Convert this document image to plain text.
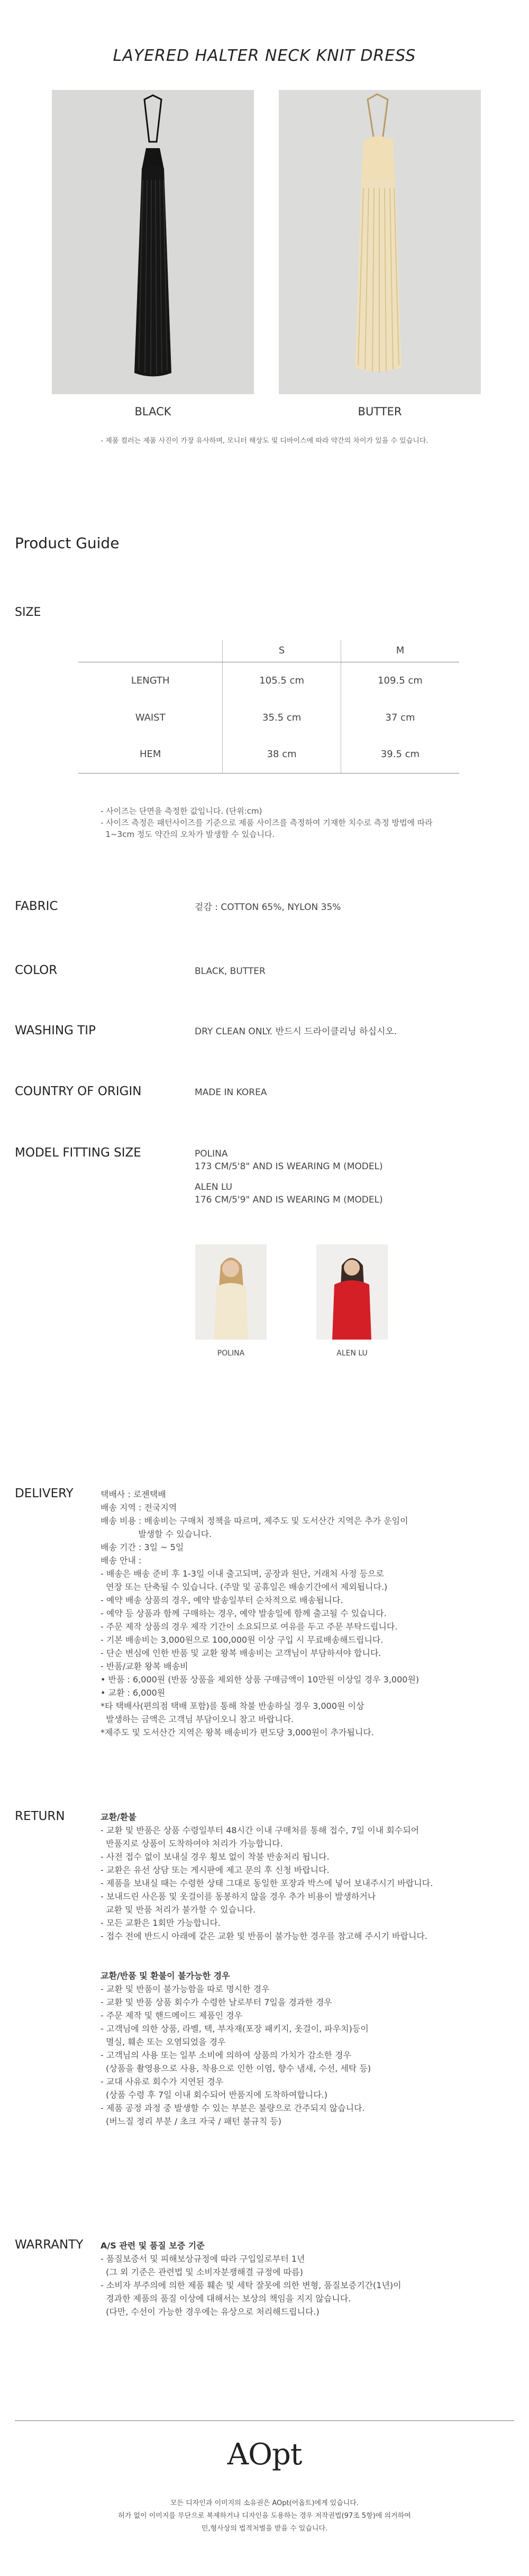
LAYERED HALTER NECK KNIT DRESS
BLACK	BUTTER
- 제품 컬러는 제품 사진이 가장 유사하며, 모니터 해상도 및 디바이스에 따라 약간의 차이가 있을 수 있습니다.
Product Guide
SIZE
	S	M
LENGTH	105.5 cm	109.5 cm
WAIST	35.5 cm	37 cm
HEM	38 cm	39.5 cm
- 사이즈는 단면을 측정한 값입니다. (단위:cm)
- 사이즈 측정은 패턴사이즈를 기준으로 제품 사이즈를 측정하여 기재한 치수로 측정 방법에 따라
1~3cm 정도 약간의 오차가 발생할 수 있습니다.
FABRIC	겉감 : COTTON 65%, NYLON 35%
COLOR	BLACK, BUTTER
WASHING TIP	DRY CLEAN ONLY. 반드시 드라이클리닝 하십시오.
COUNTRY OF ORIGIN	MADE IN KOREA
MODEL FITTING SIZE	POLINA
173 CM/5'8" AND IS WEARING M (MODEL)
ALEN LU
176 CM/5'9" AND IS WEARING M (MODEL)
POLINA	ALEN LU
DELIVERY	택배사 : 로젠택배
배송 지역 : 전국지역
배송 비용 : 배송비는 구매처 정책을 따르며, 제주도 및 도서산간 지역은 추가 운임이
발생할 수 있습니다.
배송 기간 : 3일 ~ 5일
배송 안내 :
- 배송은 배송 준비 후 1-3일 이내 출고되며, 공장과 원단, 거래처 사정 등으로
연장 또는 단축될 수 있습니다. (주말 및 공휴일은 배송기간에서 제외됩니다.)
- 예약 배송 상품의 경우, 예약 발송일부터 순차적으로 배송됩니다.
- 예약 등 상품과 함께 구매하는 경우, 예약 발송일에 함께 출고될 수 있습니다.
- 주문 제작 상품의 경우 제작 기간이 소요되므로 여유를 두고 주문 부탁드립니다.
- 기본 배송비는 3,000원으로 100,000원 이상 구입 시 무료배송해드립니다.
- 단순 변심에 인한 반품 및 교환 왕복 배송비는 고객님이 부담하셔야 합니다.
- 반품/교환 왕복 배송비
• 반품 : 6,000원 (반품 상품을 제외한 상품 구매금액이 10만원 이상일 경우 3,000원)
• 교환 : 6,000원
*타 택배사(편의점 택배 포함)를 통해 착불 반송하실 경우 3,000원 이상
발생하는 금액은 고객님 부담이오니 참고 바랍니다.
*제주도 및 도서산간 지역은 왕복 배송비가 편도당 3,000원이 추가됩니다.
RETURN	교환/환불
- 교환 및 반품은 상품 수령일부터 48시간 이내 구매처를 통해 접수, 7일 이내 회수되어
반품지로 상품이 도착하여야 처리가 가능합니다.
- 사전 접수 없이 보내실 경우 횡보 없이 착불 반송처리 됩니다.
- 교환은 유선 상담 또는 게시판에 제고 문의 후 신청 바랍니다.
- 제품을 보내실 때는 수령한 상태 그대로 동일한 포장과 박스에 넣어 보내주시기 바랍니다.
- 보내드린 사은품 및 옷걸이를 동봉하지 않을 경우 추가 비용이 발생하거나
교환 및 반품 처리가 불가할 수 있습니다.
- 모든 교환은 1회만 가능합니다.
- 접수 전에 반드시 아래에 같은 교환 및 반품이 불가능한 경우를 참고해 주시기 바랍니다.
교환/반품 및 환불이 불가능한 경우
- 교환 및 반품이 불가능함을 따로 명시한 경우
- 교환 및 반품 상품 회수가 수령한 날로부터 7일을 경과한 경우
- 주문 제작 및 핸드메이드 제품인 경우
- 고객님에 의한 상품, 라벨, 택, 부자재(포장 패키지, 옷걸이, 파우치)등이
멸실, 훼손 또는 오염되었을 경우
- 고객님의 사용 또는 일부 소비에 의하여 상품의 가치가 감소한 경우
(상품을 촬영용으로 사용, 착용으로 인한 이염, 향수 냄새, 수선, 세탁 등)
- 교대 사유로 회수가 지연된 경우
(상품 수령 후 7일 이내 회수되어 반품지에 도착하여합니다.)
- 제품 공정 과정 중 발생할 수 있는 부분은 불량으로 간주되지 않습니다.
(버느질 정리 부분 / 초크 자국 / 패턴 불규칙 등)
WARRANTY A/S 관련 및 품질 보증 기준
- 품질보증서 및 피해보상규정에 따라 구입일로부터 1년
(그 외 기준은 관련법 및 소비자분쟁해결 규정에 따름)
- 소비자 부주의에 의한 제품 훼손 및 세탁 잘못에 의한 변형, 품질보증기간(1년)이
경과한 제품의 품질 이상에 대해서는 보상의 책임을 지지 않습니다.
(다만, 수선이 가능한 경우에는 유상으로 처리해드립니다.)
AOpt
모든 디자인과 이미지의 소유권은 AOpt(어옵트)에게 있습니다.
허가 없이 이미지를 무단으로 복제하거나 디자인을 도용하는 경우 저작권법(97조 5항)에 의거하여
민,형사상의 법적처벌을 받을 수 있습니다.
